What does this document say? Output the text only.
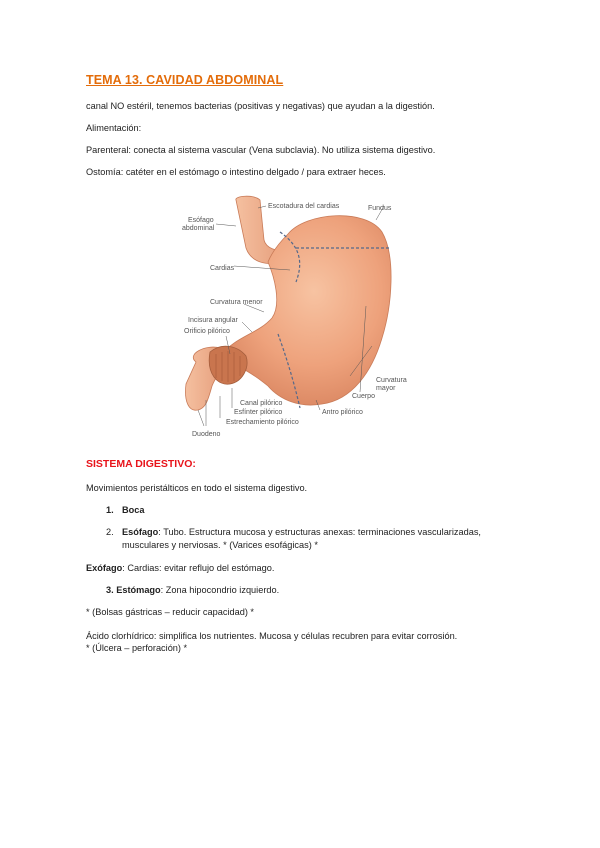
TEMA 13. CAVIDAD ABDOMINAL
canal NO estéril, tenemos bacterias (positivas y negativas) que ayudan a la digestión.
Alimentación:
Parenteral: conecta al sistema vascular (Vena subclavia). No utiliza sistema digestivo.
Ostomía: catéter en el estómago o intestino delgado / para extraer heces.
Esófago
abdominal
Escotadura del cardias	Fundus
Cardias
Curvatura menor
Incisura angular
Orificio pilórico
Curvatura
mayor
Cuerpo
Canal pilórico
Esfínter pilórico
Estrechamiento pilórico
Antro pilórico
Duodeno
SISTEMA DIGESTIVO:
Movimientos peristálticos en todo el sistema digestivo.
1. Boca
2. Esófago: Tubo. Estructura mucosa y estructuras anexas: terminaciones vascularizadas,
musculares y nerviosas. * (Varices esofágicas) *
Exófago: Cardias: evitar reflujo del estómago.
3. Estómago: Zona hipocondrio izquierdo.
* (Bolsas gástricas – reducir capacidad) *
Ácido clorhídrico: simplifica los nutrientes. Mucosa y células recubren para evitar corrosión.
* (Úlcera – perforación) *
